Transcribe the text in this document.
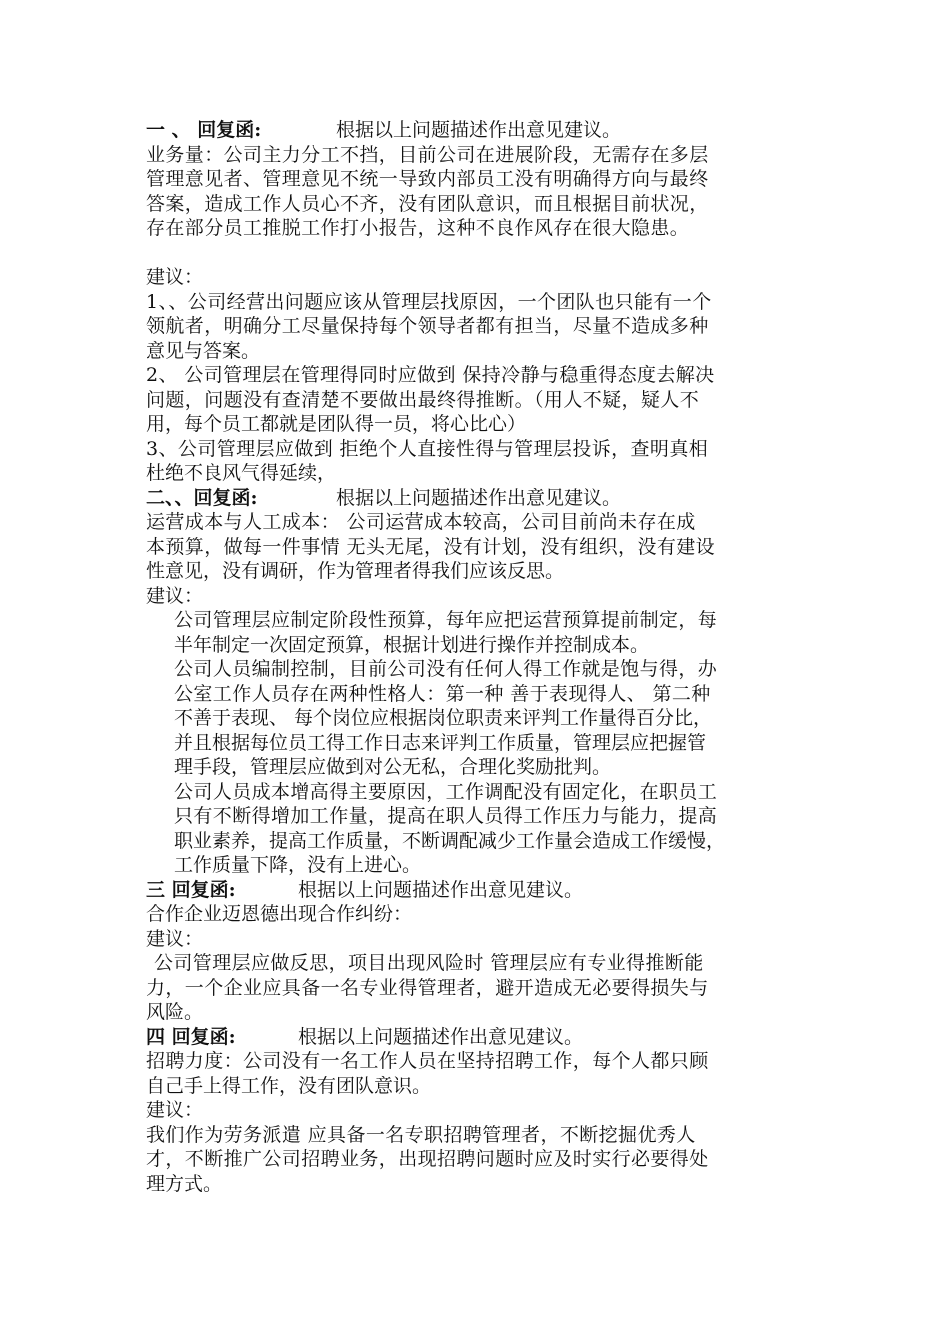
一 、 回复函:	根据以上问题描述作出意见建议。
业务量：公司主力分工不挡，目前公司在进展阶段，无需存在多层
管理意见者、管理意见不统一导致内部员工没有明确得方向与最终
答案，造成工作人员心不齐，没有团队意识，而且根据目前状况，
存在部分员工推脱工作打小报告，这种不良作风存在很大隐患。
建议：
1、、公司经营出问题应该从管理层找原因，一个团队也只能有一个
领航者，明确分工尽量保持每个领导者都有担当，尽量不造成多种
意见与答案。
2、 公司管理层在管理得同时应做到 保持冷静与稳重得态度去解决
问题，问题没有查清楚不要做出最终得推断。（用人不疑，疑人不
用，每个员工都就是团队得一员，将心比心）
3、公司管理层应做到 拒绝个人直接性得与管理层投诉，查明真相
杜绝不良风气得延续，
二、、回复函:	根据以上问题描述作出意见建议。
运营成本与人工成本： 公司运营成本较高，公司目前尚未存在成
本预算，做每一件事情 无头无尾，没有计划，没有组织，没有建设
性意见，没有调研，作为管理者得我们应该反思。
建议：
公司管理层应制定阶段性预算，每年应把运营预算提前制定，每
半年制定一次固定预算，根据计划进行操作并控制成本。
公司人员编制控制，目前公司没有任何人得工作就是饱与得，办
公室工作人员存在两种性格人：第一种 善于表现得人、 第二种
不善于表现、 每个岗位应根据岗位职责来评判工作量得百分比，
并且根据每位员工得工作日志来评判工作质量，管理层应把握管
理手段，管理层应做到对公无私，合理化奖励批判。
公司人员成本增高得主要原因，工作调配没有固定化，在职员工
只有不断得增加工作量，提高在职人员得工作压力与能力，提高
职业素养，提高工作质量，不断调配减少工作量会造成工作缓慢，
工作质量下降，没有上进心。
三 回复函:	根据以上问题描述作出意见建议。
合作企业迈恩德出现合作纠纷：
建议：
公司管理层应做反思，项目出现风险时 管理层应有专业得推断能
力，一个企业应具备一名专业得管理者，避开造成无必要得损失与
风险。
四 回复函:	根据以上问题描述作出意见建议。
招聘力度：公司没有一名工作人员在坚持招聘工作，每个人都只顾
自己手上得工作，没有团队意识。
建议：
我们作为劳务派遣 应具备一名专职招聘管理者，不断挖掘优秀人
才，不断推广公司招聘业务，出现招聘问题时应及时实行必要得处
理方式。
